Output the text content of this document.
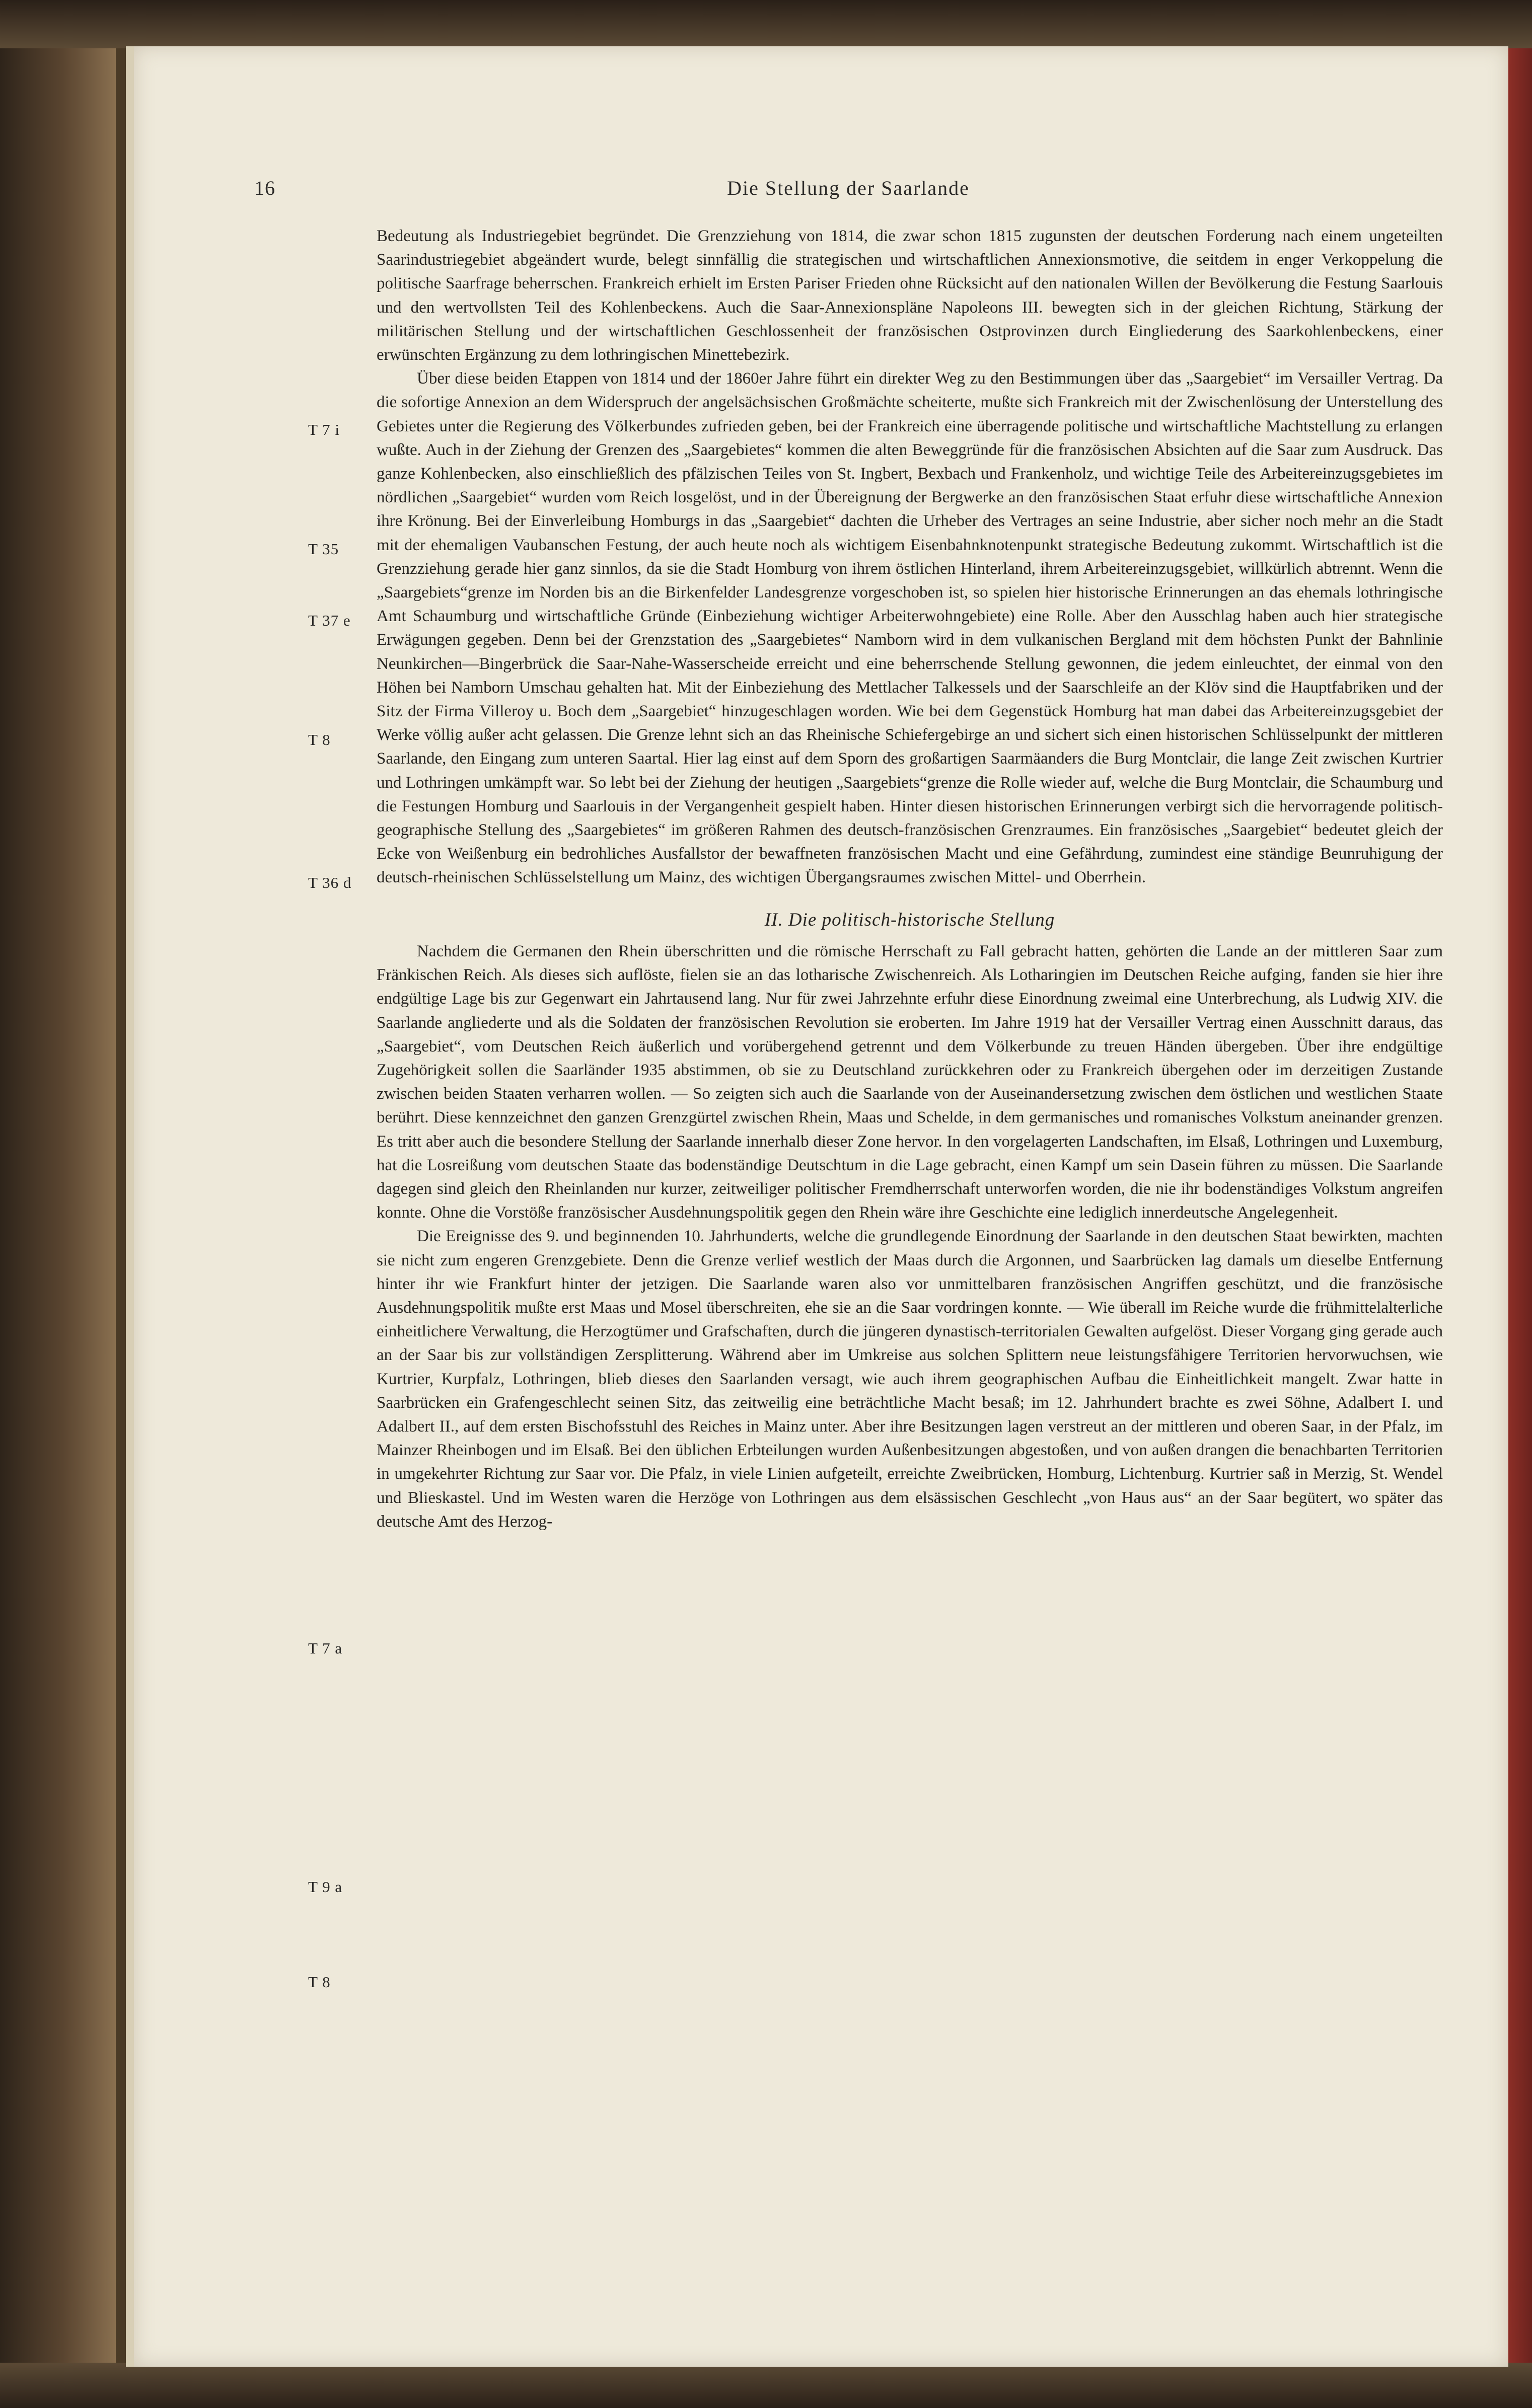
16	Die Stellung der Saarlande
T 7 i
T 35
T 37 e
T 8
T 36 d
T 7 a
T 9 a
T 8

Bedeutung als Industriegebiet begründet. Die Grenzziehung von 1814, die zwar schon 1815 zugunsten der deutschen Forderung nach einem ungeteilten Saarindustriegebiet abgeändert wurde, belegt sinnfällig die strategischen und wirtschaftlichen Annexionsmotive, die seitdem in enger Verkoppelung die politische Saarfrage beherrschen. Frankreich erhielt im Ersten Pariser Frieden ohne Rücksicht auf den nationalen Willen der Bevölkerung die Festung Saarlouis und den wertvollsten Teil des Kohlenbeckens. Auch die Saar-Annexionspläne Napoleons III. bewegten sich in der gleichen Richtung, Stärkung der militärischen Stellung und der wirtschaftlichen Geschlossenheit der französischen Ostprovinzen durch Eingliederung des Saarkohlenbeckens, einer erwünschten Ergänzung zu dem lothringischen Minettebezirk.

Über diese beiden Etappen von 1814 und der 1860er Jahre führt ein direkter Weg zu den Bestimmungen über das „Saargebiet“ im Versailler Vertrag. Da die sofortige Annexion an dem Widerspruch der angelsächsischen Großmächte scheiterte, mußte sich Frankreich mit der Zwischenlösung der Unterstellung des Gebietes unter die Regierung des Völkerbundes zufrieden geben, bei der Frankreich eine überragende politische und wirtschaftliche Machtstellung zu erlangen wußte. Auch in der Ziehung der Grenzen des „Saargebietes“ kommen die alten Beweggründe für die französischen Absichten auf die Saar zum Ausdruck. Das ganze Kohlenbecken, also einschließlich des pfälzischen Teiles von St. Ingbert, Bexbach und Frankenholz, und wichtige Teile des Arbeitereinzugsgebietes im nördlichen „Saargebiet“ wurden vom Reich losgelöst, und in der Übereignung der Bergwerke an den französischen Staat erfuhr diese wirtschaftliche Annexion ihre Krönung. Bei der Einverleibung Homburgs in das „Saargebiet“ dachten die Urheber des Vertrages an seine Industrie, aber sicher noch mehr an die Stadt mit der ehemaligen Vaubanschen Festung, der auch heute noch als wichtigem Eisenbahnknotenpunkt strategische Bedeutung zukommt. Wirtschaftlich ist die Grenzziehung gerade hier ganz sinnlos, da sie die Stadt Homburg von ihrem östlichen Hinterland, ihrem Arbeitereinzugsgebiet, willkürlich abtrennt. Wenn die „Saargebiets“grenze im Norden bis an die Birkenfelder Landesgrenze vorgeschoben ist, so spielen hier historische Erinnerungen an das ehemals lothringische Amt Schaumburg und wirtschaftliche Gründe (Einbeziehung wichtiger Arbeiterwohngebiete) eine Rolle. Aber den Ausschlag haben auch hier strategische Erwägungen gegeben. Denn bei der Grenzstation des „Saargebietes“ Namborn wird in dem vulkanischen Bergland mit dem höchsten Punkt der Bahnlinie Neunkirchen—Bingerbrück die Saar-Nahe-Wasserscheide erreicht und eine beherrschende Stellung gewonnen, die jedem einleuchtet, der einmal von den Höhen bei Namborn Umschau gehalten hat. Mit der Einbeziehung des Mettlacher Talkessels und der Saarschleife an der Klöv sind die Hauptfabriken und der Sitz der Firma Villeroy u. Boch dem „Saargebiet“ hinzugeschlagen worden. Wie bei dem Gegenstück Homburg hat man dabei das Arbeitereinzugsgebiet der Werke völlig außer acht gelassen. Die Grenze lehnt sich an das Rheinische Schiefergebirge an und sichert sich einen historischen Schlüsselpunkt der mittleren Saarlande, den Eingang zum unteren Saartal. Hier lag einst auf dem Sporn des großartigen Saarmäanders die Burg Montclair, die lange Zeit zwischen Kurtrier und Lothringen umkämpft war. So lebt bei der Ziehung der heutigen „Saargebiets“grenze die Rolle wieder auf, welche die Burg Montclair, die Schaumburg und die Festungen Homburg und Saarlouis in der Vergangenheit gespielt haben. Hinter diesen historischen Erinnerungen verbirgt sich die hervorragende politisch-geographische Stellung des „Saargebietes“ im größeren Rahmen des deutsch-französischen Grenzraumes. Ein französisches „Saargebiet“ bedeutet gleich der Ecke von Weißenburg ein bedrohliches Ausfallstor der bewaffneten französischen Macht und eine Gefährdung, zumindest eine ständige Beunruhigung der deutsch-rheinischen Schlüsselstellung um Mainz, des wichtigen Übergangsraumes zwischen Mittel- und Oberrhein.

II. Die politisch-historische Stellung

Nachdem die Germanen den Rhein überschritten und die römische Herrschaft zu Fall gebracht hatten, gehörten die Lande an der mittleren Saar zum Fränkischen Reich. Als dieses sich auflöste, fielen sie an das lotharische Zwischenreich. Als Lotharingien im Deutschen Reiche aufging, fanden sie hier ihre endgültige Lage bis zur Gegenwart ein Jahrtausend lang. Nur für zwei Jahrzehnte erfuhr diese Einordnung zweimal eine Unterbrechung, als Ludwig XIV. die Saarlande angliederte und als die Soldaten der französischen Revolution sie eroberten. Im Jahre 1919 hat der Versailler Vertrag einen Ausschnitt daraus, das „Saargebiet“, vom Deutschen Reich äußerlich und vorübergehend getrennt und dem Völkerbunde zu treuen Händen übergeben. Über ihre endgültige Zugehörigkeit sollen die Saarländer 1935 abstimmen, ob sie zu Deutschland zurückkehren oder zu Frankreich übergehen oder im derzeitigen Zustande zwischen beiden Staaten verharren wollen. — So zeigten sich auch die Saarlande von der Auseinandersetzung zwischen dem östlichen und westlichen Staate berührt. Diese kennzeichnet den ganzen Grenzgürtel zwischen Rhein, Maas und Schelde, in dem germanisches und romanisches Volkstum aneinander grenzen. Es tritt aber auch die besondere Stellung der Saarlande innerhalb dieser Zone hervor. In den vorgelagerten Landschaften, im Elsaß, Lothringen und Luxemburg, hat die Losreißung vom deutschen Staate das bodenständige Deutschtum in die Lage gebracht, einen Kampf um sein Dasein führen zu müssen. Die Saarlande dagegen sind gleich den Rheinlanden nur kurzer, zeitweiliger politischer Fremdherrschaft unterworfen worden, die nie ihr bodenständiges Volkstum angreifen konnte. Ohne die Vorstöße französischer Ausdehnungspolitik gegen den Rhein wäre ihre Geschichte eine lediglich innerdeutsche Angelegenheit.

Die Ereignisse des 9. und beginnenden 10. Jahrhunderts, welche die grundlegende Einordnung der Saarlande in den deutschen Staat bewirkten, machten sie nicht zum engeren Grenzgebiete. Denn die Grenze verlief westlich der Maas durch die Argonnen, und Saarbrücken lag damals um dieselbe Entfernung hinter ihr wie Frankfurt hinter der jetzigen. Die Saarlande waren also vor unmittelbaren französischen Angriffen geschützt, und die französische Ausdehnungspolitik mußte erst Maas und Mosel überschreiten, ehe sie an die Saar vordringen konnte. — Wie überall im Reiche wurde die frühmittelalterliche einheitlichere Verwaltung, die Herzogtümer und Grafschaften, durch die jüngeren dynastisch-territorialen Gewalten aufgelöst. Dieser Vorgang ging gerade auch an der Saar bis zur vollständigen Zersplitterung. Während aber im Umkreise aus solchen Splittern neue leistungsfähigere Territorien hervorwuchsen, wie Kurtrier, Kurpfalz, Lothringen, blieb dieses den Saarlanden versagt, wie auch ihrem geographischen Aufbau die Einheitlichkeit mangelt. Zwar hatte in Saarbrücken ein Grafengeschlecht seinen Sitz, das zeitweilig eine beträchtliche Macht besaß; im 12. Jahrhundert brachte es zwei Söhne, Adalbert I. und Adalbert II., auf dem ersten Bischofsstuhl des Reiches in Mainz unter. Aber ihre Besitzungen lagen verstreut an der mittleren und oberen Saar, in der Pfalz, im Mainzer Rheinbogen und im Elsaß. Bei den üblichen Erbteilungen wurden Außenbesitzungen abgestoßen, und von außen drangen die benachbarten Territorien in umgekehrter Richtung zur Saar vor. Die Pfalz, in viele Linien aufgeteilt, erreichte Zweibrücken, Homburg, Lichtenburg. Kurtrier saß in Merzig, St. Wendel und Blieskastel. Und im Westen waren die Herzöge von Lothringen aus dem elsässischen Geschlecht „von Haus aus“ an der Saar begütert, wo später das deutsche Amt des Herzog-
